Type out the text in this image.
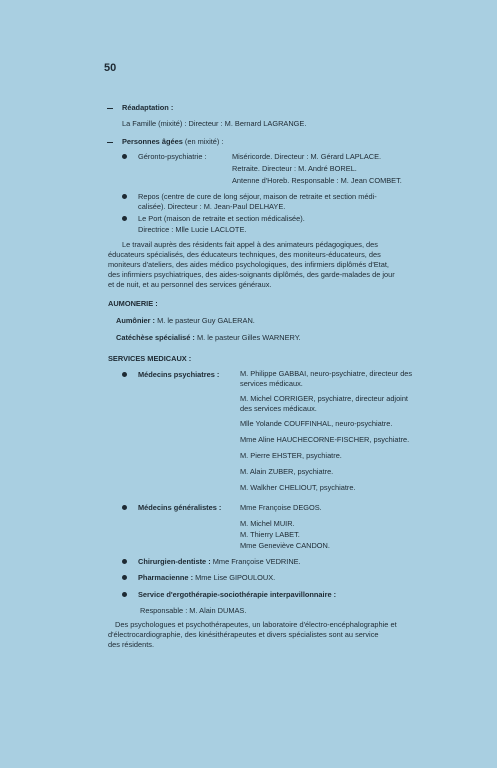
50
Réadaptation :
La Famille (mixité) : Directeur : M. Bernard LAGRANGE.
Personnes âgées (en mixité) :
Géronto-psychiatrie :	Miséricorde. Directeur : M. Gérard LAPLACE.
Retraite. Directeur : M. André BOREL.
Antenne d'Horeb. Responsable : M. Jean COMBET.
Repos (centre de cure de long séjour, maison de retraite et section médi-
calisée). Directeur : M. Jean-Paul DELHAYE.
Le Port (maison de retraite et section médicalisée).
Directrice : Mlle Lucie LACLOTE.
Le travail auprès des résidents fait appel à des animateurs pédagogiques, des
éducateurs spécialisés, des éducateurs techniques, des moniteurs-éducateurs, des
moniteurs d'ateliers, des aides médico psychologiques, des infirmiers diplômés d'Etat,
des infirmiers psychiatriques, des aides-soignants diplômés, des garde-malades de jour
et de nuit, et au personnel des services généraux.
AUMONERIE :
Aumônier : M. le pasteur Guy GALERAN.
Catéchèse spécialisé : M. le pasteur Gilles WARNERY.
SERVICES MEDICAUX :
Médecins psychiatres :	M. Philippe GABBAI, neuro-psychiatre, directeur des
services médicaux.
M. Michel CORRIGER, psychiatre, directeur adjoint
des services médicaux.
Mlle Yolande COUFFINHAL, neuro-psychiatre.
Mme Aline HAUCHECORNE-FISCHER, psychiatre.
M. Pierre EHSTER, psychiatre.
M. Alain ZUBER, psychiatre.
M. Walkher CHELIOUT, psychiatre.
Médecins généralistes :	Mme Françoise DEGOS.
M. Michel MUIR.
M. Thierry LABET.
Mme Geneviève CANDON.
Chirurgien-dentiste : Mme Françoise VEDRINE.
Pharmacienne : Mme Lise GIPOULOUX.
Service d'ergothérapie-sociothérapie interpavillonnaire :
Responsable : M. Alain DUMAS.
Des psychologues et psychothérapeutes, un laboratoire d'électro-encéphalographie et
d'électrocardiographie, des kinésithérapeutes et divers spécialistes sont au service
des résidents.
